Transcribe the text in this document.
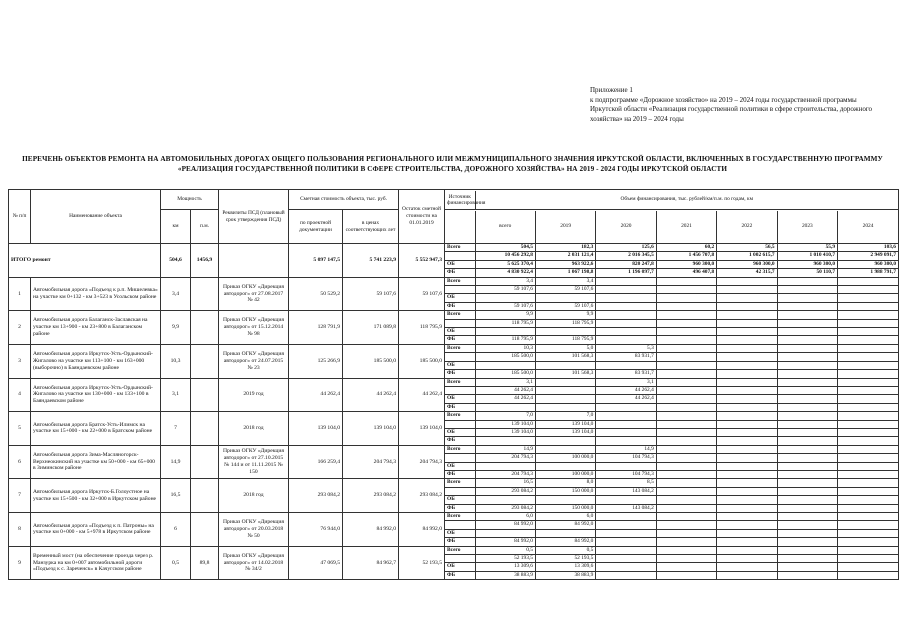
Приложение 1
к подпрограмме «Дорожное хозяйство» на 2019 – 2024 годы государственной программы Иркутской области «Реализация государственной политики в сфере строительства, дорожного хозяйства» на 2019 – 2024 годы
ПЕРЕЧЕНЬ ОБЪЕКТОВ РЕМОНТА НА АВТОМОБИЛЬНЫХ ДОРОГАХ ОБЩЕГО ПОЛЬЗОВАНИЯ РЕГИОНАЛЬНОГО ИЛИ МЕЖМУНИЦИПАЛЬНОГО ЗНАЧЕНИЯ ИРКУТСКОЙ ОБЛАСТИ, ВКЛЮЧЕННЫХ В ГОСУДАРСТВЕННУЮ ПРОГРАММУ «РЕАЛИЗАЦИЯ ГОСУДАРСТВЕННОЙ ПОЛИТИКИ В СФЕРЕ СТРОИТЕЛЬСТВА, ДОРОЖНОГО ХОЗЯЙСТВА» НА 2019 - 2024 ГОДЫ ИРКУТСКОЙ ОБЛАСТИ
№ п/п	Наименование объекта	Мощность	Реквизиты ПСД (плановый срок утверждения ПСД)	Сметная стоимость объекта, тыс. руб.	Остаток сметной стоимости на 01.01.2019	
Источник финансирования	Объем финансирования, тыс. рублей/км/п.м. по годам, км

км	п.м.	по проектной документации	в ценах соответствующих лет	
	всего	2019	2020	2021	2022	2023	2024

ИТОГО ремонт	504,6	1456,9		5 097 147,5	5 741 223,9	5 552 947,3	
Всего	504,5	182,3	125,6	60,2	56,5	55,9	103,6
	10 456 292,8	2 031 121,4	2 016 345,5	1 456 707,8	1 002 615,7	1 010 410,7	2 949 091,7
ОБ	5 625 370,4	963 922,6	820 247,8	960 300,0	960 300,0	960 300,0	960 300,0
ФБ	4 830 922,4	1 067 198,8	1 196 097,7	496 407,8	42 315,7	50 110,7	1 988 791,7

1	Автомобильная дорога «Подъезд к р.п. Мишелевка» на участке км 0+132 - км 3+523 в Усольском районе	3,4		Приказ ОГКУ «Дирекция автодорог» от 27.08.2017 № 42	50 529,2	59 107,6	59 107,6	
Всего	3,4	3,4					
	59 107,6	59 107,6					
ОБ							
ФБ	59 107,6	59 107,6					

2	Автомобильная дорога Балаганск-Заславская на участке км 13+900 - км 23+800 в Балаганском районе	9,9		Приказ ОГКУ «Дирекция автодорог» от 15.12.2014 № 98	128 791,9	171 089,8	118 795,9	
Всего	9,9	9,9					
	118 795,9	118 795,9					
ОБ							
ФБ	118 795,9	118 795,9					

3	Автомобильная дорога Иркутск-Усть-Ордынский-Жигалово на участке км 113+100 - км 163+000 (выборочно) в Баяндаевском районе	10,3		Приказ ОГКУ «Дирекция автодорог» от 24.07.2015 № 23	125 266,9	185 500,0	185 500,0	
Всего	10,3	5,0	5,3				
	185 500,0	101 568,3	83 931,7				
ОБ							
ФБ	185 500,0	101 568,3	83 931,7				

4	Автомобильная дорога Иркутск-Усть-Ордынский-Жигалово на участке км 130+000 - км 133+100 в Баяндаевском районе	3,1		2019 год	44 262,4	44 262,4	44 262,4	
Всего	3,1		3,1				
	44 262,4		44 262,4				
ОБ	44 262,4		44 262,4				
ФБ							

5	Автомобильная дорога Братск-Усть-Илимск на участке км 15+000 - км 22+000 в Братском районе	7		2018 год	139 104,0	139 104,0	139 104,0	
Всего	7,0	7,0					
	139 104,0	139 104,0					
ОБ	139 104,0	139 104,0					
ФБ							

6	Автомобильная дорога Зима-Масляногорск-Верхнеокинский на участке км 50+000 - км 65+000 в Зиминском районе	14,9		Приказ ОГКУ «Дирекция автодорог» от 27.10.2015 № 144 и от 11.11.2015 № 150	166 259,4	204 794,3	204 794,3	
Всего	14,9		14,9				
	204 794,3	100 000,0	104 794,3				
ОБ							
ФБ	204 794,3	100 000,0	104 794,3				

7	Автомобильная дорога Иркутск-Б.Голоустное на участке км 15+500 - км 32+000 в Иркутском районе	16,5		2018 год	293 084,2	293 084,2	293 084,2	
Всего	16,5	8,0	8,5				
	293 084,2	150 000,0	143 084,2				
ОБ							
ФБ	293 084,2	150 000,0	143 084,2				

8	Автомобильная дорога «Подъезд к п. Патроны» на участке км 0+000 - км 5+978 в Иркутском районе	6		Приказ ОГКУ «Дирекция автодорог» от 20.03.2018 № 50	76 944,0	84 992,0	84 992,0	
Всего	6,0	6,0					
	84 992,0	84 992,0					
ОБ							
ФБ	84 992,0	84 992,0					

9	Временный мост (на обеспечение проезда через р. Манзурка на км 0+007 автомобильной дороги «Подъезд к с. Зареченск» в Качугском районе	0,5	89,8	Приказ ОГКУ «Дирекция автодорог» от 14.02.2018 № 34/2	47 069,5	84 962,7	52 193,5	
Всего	0,5	0,5					
	52 193,5	52 193,5					
ОБ	13 309,6	13 309,6					
ФБ	38 883,9	38 883,9					
